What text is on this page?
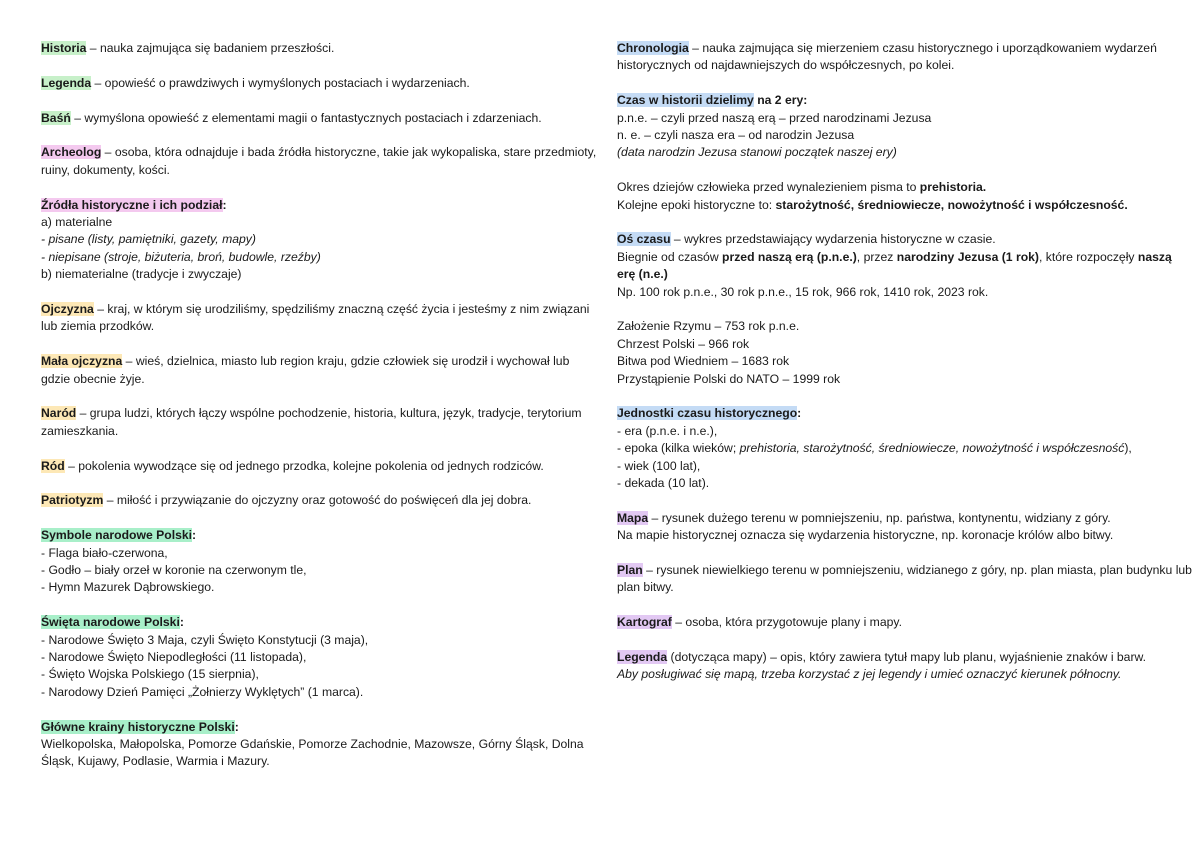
Historia – nauka zajmująca się badaniem przeszłości.

Legenda – opowieść o prawdziwych i wymyślonych postaciach i wydarzeniach.

Baśń – wymyślona opowieść z elementami magii o fantastycznych postaciach i zdarzeniach.

Archeolog – osoba, która odnajduje i bada źródła historyczne, takie jak wykopaliska, stare przedmioty, ruiny, dokumenty, kości.

Źródła historyczne i ich podział:
a) materialne
- pisane (listy, pamiętniki, gazety, mapy)
- niepisane (stroje, biżuteria, broń, budowle, rzeźby)
b) niematerialne (tradycje i zwyczaje)

Ojczyzna – kraj, w którym się urodziliśmy, spędziliśmy znaczną część życia i jesteśmy z nim związani lub ziemia przodków.

Mała ojczyzna – wieś, dzielnica, miasto lub region kraju, gdzie człowiek się urodził i wychował lub gdzie obecnie żyje.

Naród – grupa ludzi, których łączy wspólne pochodzenie, historia, kultura, język, tradycje, terytorium zamieszkania.

Ród – pokolenia wywodzące się od jednego przodka, kolejne pokolenia od jednych rodziców.

Patriotyzm – miłość i przywiązanie do ojczyzny oraz gotowość do poświęceń dla jej dobra.

Symbole narodowe Polski:
- Flaga biało-czerwona,
- Godło – biały orzeł w koronie na czerwonym tle,
- Hymn Mazurek Dąbrowskiego.
Święta narodowe Polski:
- Narodowe Święto 3 Maja, czyli Święto Konstytucji (3 maja),
- Narodowe Święto Niepodległości (11 listopada),
- Święto Wojska Polskiego (15 sierpnia),
- Narodowy Dzień Pamięci „Żołnierzy Wyklętych” (1 marca).
Główne krainy historyczne Polski:
Wielkopolska, Małopolska, Pomorze Gdańskie, Pomorze Zachodnie, Mazowsze, Górny Śląsk, Dolna Śląsk, Kujawy, Podlasie, Warmia i Mazury.

Chronologia – nauka zajmująca się mierzeniem czasu historycznego i uporządkowaniem wydarzeń historycznych od najdawniejszych do współczesnych, po kolei.

Czas w historii dzielimy na 2 ery:
p.n.e. – czyli przed naszą erą – przed narodzinami Jezusa
n. e. – czyli nasza era – od narodzin Jezusa
(data narodzin Jezusa stanowi początek naszej ery)
Okres dziejów człowieka przed wynalezieniem pisma to prehistoria.
Kolejne epoki historyczne to: starożytność, średniowiecze, nowożytność i współczesność.
Oś czasu – wykres przedstawiający wydarzenia historyczne w czasie.
Biegnie od czasów przed naszą erą (p.n.e.), przez narodziny Jezusa (1 rok), które rozpoczęły naszą erę (n.e.)
Np. 100 rok p.n.e., 30 rok p.n.e., 15 rok, 966 rok, 1410 rok, 2023 rok.
Założenie Rzymu – 753 rok p.n.e.
Chrzest Polski – 966 rok
Bitwa pod Wiedniem – 1683 rok
Przystąpienie Polski do NATO – 1999 rok
Jednostki czasu historycznego:
- era (p.n.e. i n.e.),
- epoka (kilka wieków; prehistoria, starożytność, średniowiecze, nowożytność i współczesność),
- wiek (100 lat),
- dekada (10 lat).
Mapa – rysunek dużego terenu w pomniejszeniu, np. państwa, kontynentu, widziany z góry.
Na mapie historycznej oznacza się wydarzenia historyczne, np. koronacje królów albo bitwy.

Plan – rysunek niewielkiego terenu w pomniejszeniu, widzianego z góry, np. plan miasta, plan budynku lub plan bitwy.

Kartograf – osoba, która przygotowuje plany i mapy.

Legenda (dotycząca mapy) – opis, który zawiera tytuł mapy lub planu, wyjaśnienie znaków i barw.
Aby posługiwać się mapą, trzeba korzystać z jej legendy i umieć oznaczyć kierunek północny.
